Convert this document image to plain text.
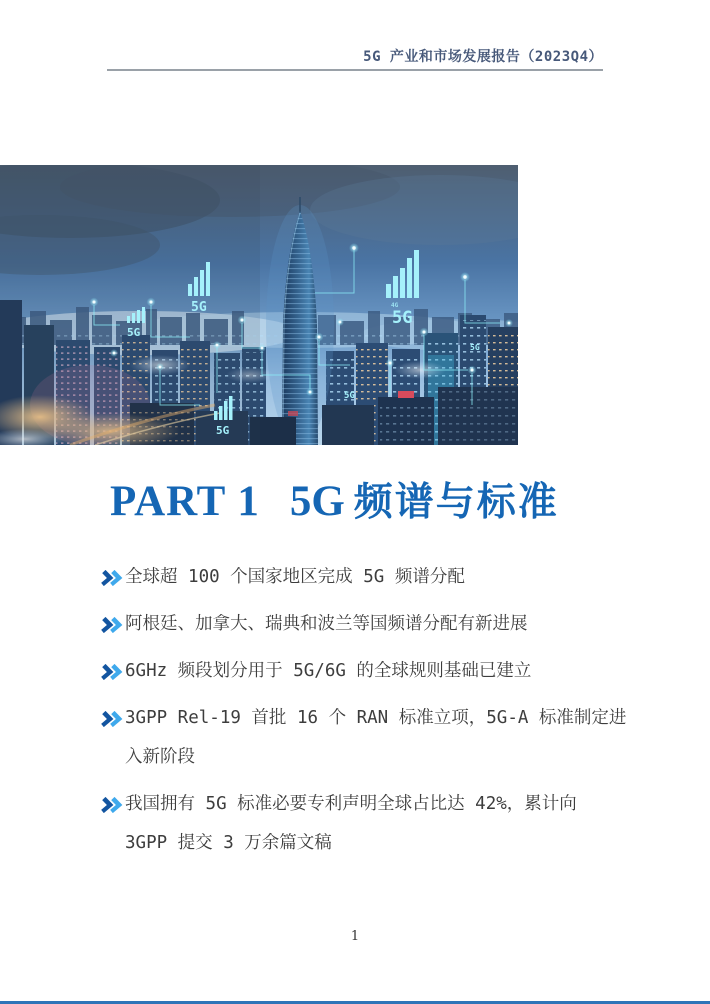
5G 产业和市场发展报告（2023Q4）
5G
5G	4G
5G
5G
5G
5G
PART 1 5G 频谱与标准
全球超 100 个国家地区完成 5G 频谱分配
阿根廷、加拿大、瑞典和波兰等国频谱分配有新进展
6GHz 频段划分用于 5G/6G 的全球规则基础已建立
3GPP Rel-19 首批 16 个 RAN 标准立项，5G-A 标准制定进
入新阶段
我国拥有 5G 标准必要专利声明全球占比达 42%，累计向
3GPP 提交 3 万余篇文稿
1
